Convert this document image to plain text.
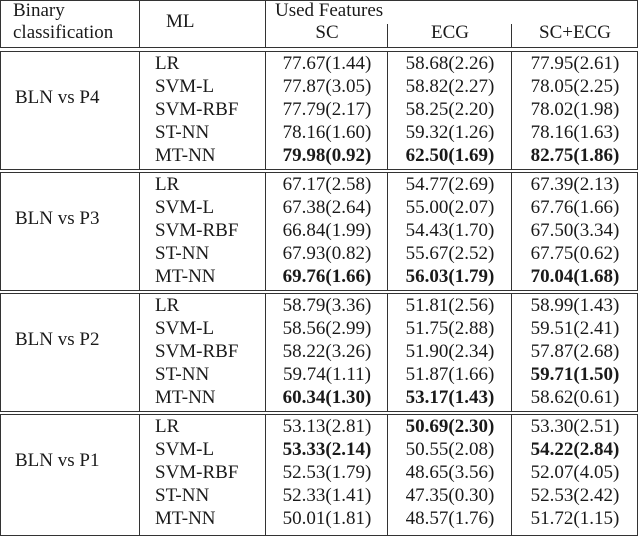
Binary
classification
ML
Used Features
SC	ECG	SC+ECG
BLN vs P4
LR	77.67(1.44)	58.68(2.26)	77.95(2.61)
SVM-L	77.87(3.05)	58.82(2.27)	78.05(2.25)
SVM-RBF	77.79(2.17)	58.25(2.20)	78.02(1.98)
ST-NN	78.16(1.60)	59.32(1.26)	78.16(1.63)
MT-NN	79.98(0.92)	62.50(1.69)	82.75(1.86)
BLN vs P3
LR	67.17(2.58)	54.77(2.69)	67.39(2.13)
SVM-L	67.38(2.64)	55.00(2.07)	67.76(1.66)
SVM-RBF	66.84(1.99)	54.43(1.70)	67.50(3.34)
ST-NN	67.93(0.82)	55.67(2.52)	67.75(0.62)
MT-NN	69.76(1.66)	56.03(1.79)	70.04(1.68)
BLN vs P2
LR	58.79(3.36)	51.81(2.56)	58.99(1.43)
SVM-L	58.56(2.99)	51.75(2.88)	59.51(2.41)
SVM-RBF	58.22(3.26)	51.90(2.34)	57.87(2.68)
ST-NN	59.74(1.11)	51.87(1.66)	59.71(1.50)
MT-NN	60.34(1.30)	53.17(1.43)	58.62(0.61)
BLN vs P1
LR	53.13(2.81)	50.69(2.30)	53.30(2.51)
SVM-L	53.33(2.14)	50.55(2.08)	54.22(2.84)
SVM-RBF	52.53(1.79)	48.65(3.56)	52.07(4.05)
ST-NN	52.33(1.41)	47.35(0.30)	52.53(2.42)
MT-NN	50.01(1.81)	48.57(1.76)	51.72(1.15)
